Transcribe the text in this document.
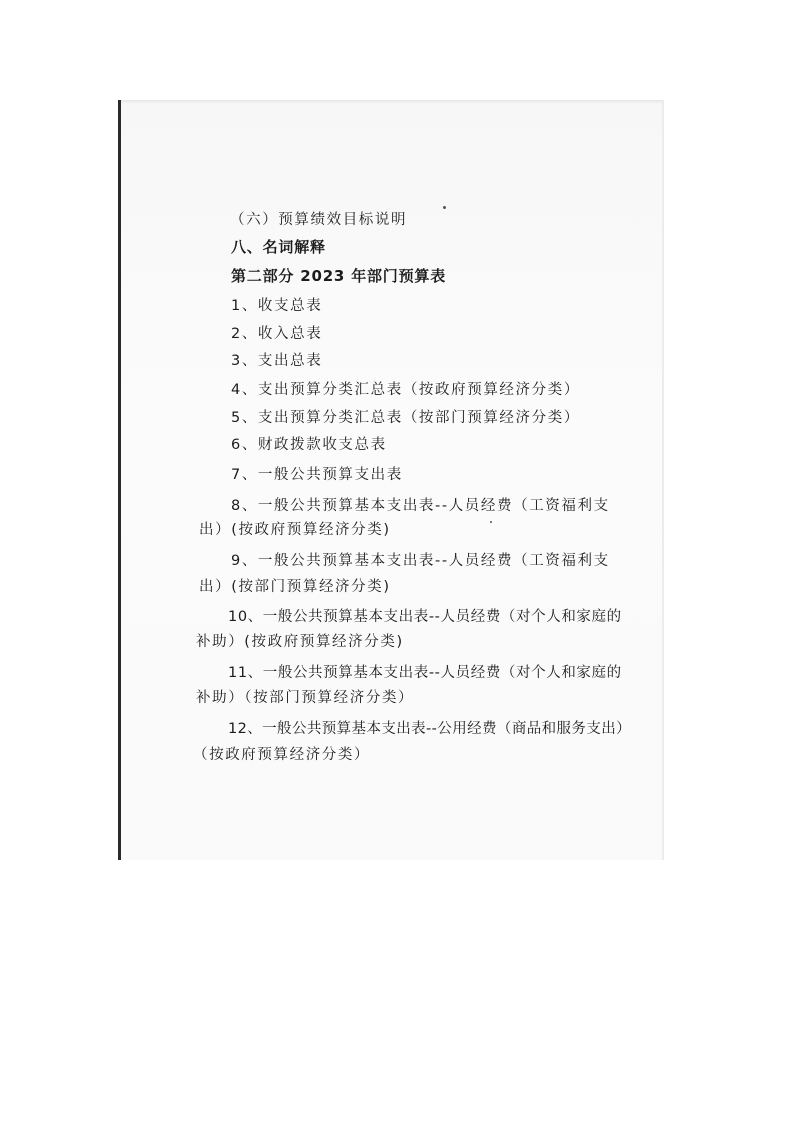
（六）预算绩效目标说明
八、名词解释
第二部分 2023 年部门预算表
1、收支总表
2、收入总表
3、支出总表
4、支出预算分类汇总表（按政府预算经济分类）
5、支出预算分类汇总表（按部门预算经济分类）
6、财政拨款收支总表
7、一般公共预算支出表
8、一般公共预算基本支出表--人员经费（工资福利支
出）(按政府预算经济分类)
9、一般公共预算基本支出表--人员经费（工资福利支
出）(按部门预算经济分类)
10、一般公共预算基本支出表--人员经费（对个人和家庭的
补助）(按政府预算经济分类)
11、一般公共预算基本支出表--人员经费（对个人和家庭的
补助）（按部门预算经济分类）
12、一般公共预算基本支出表--公用经费（商品和服务支出）
（按政府预算经济分类）
